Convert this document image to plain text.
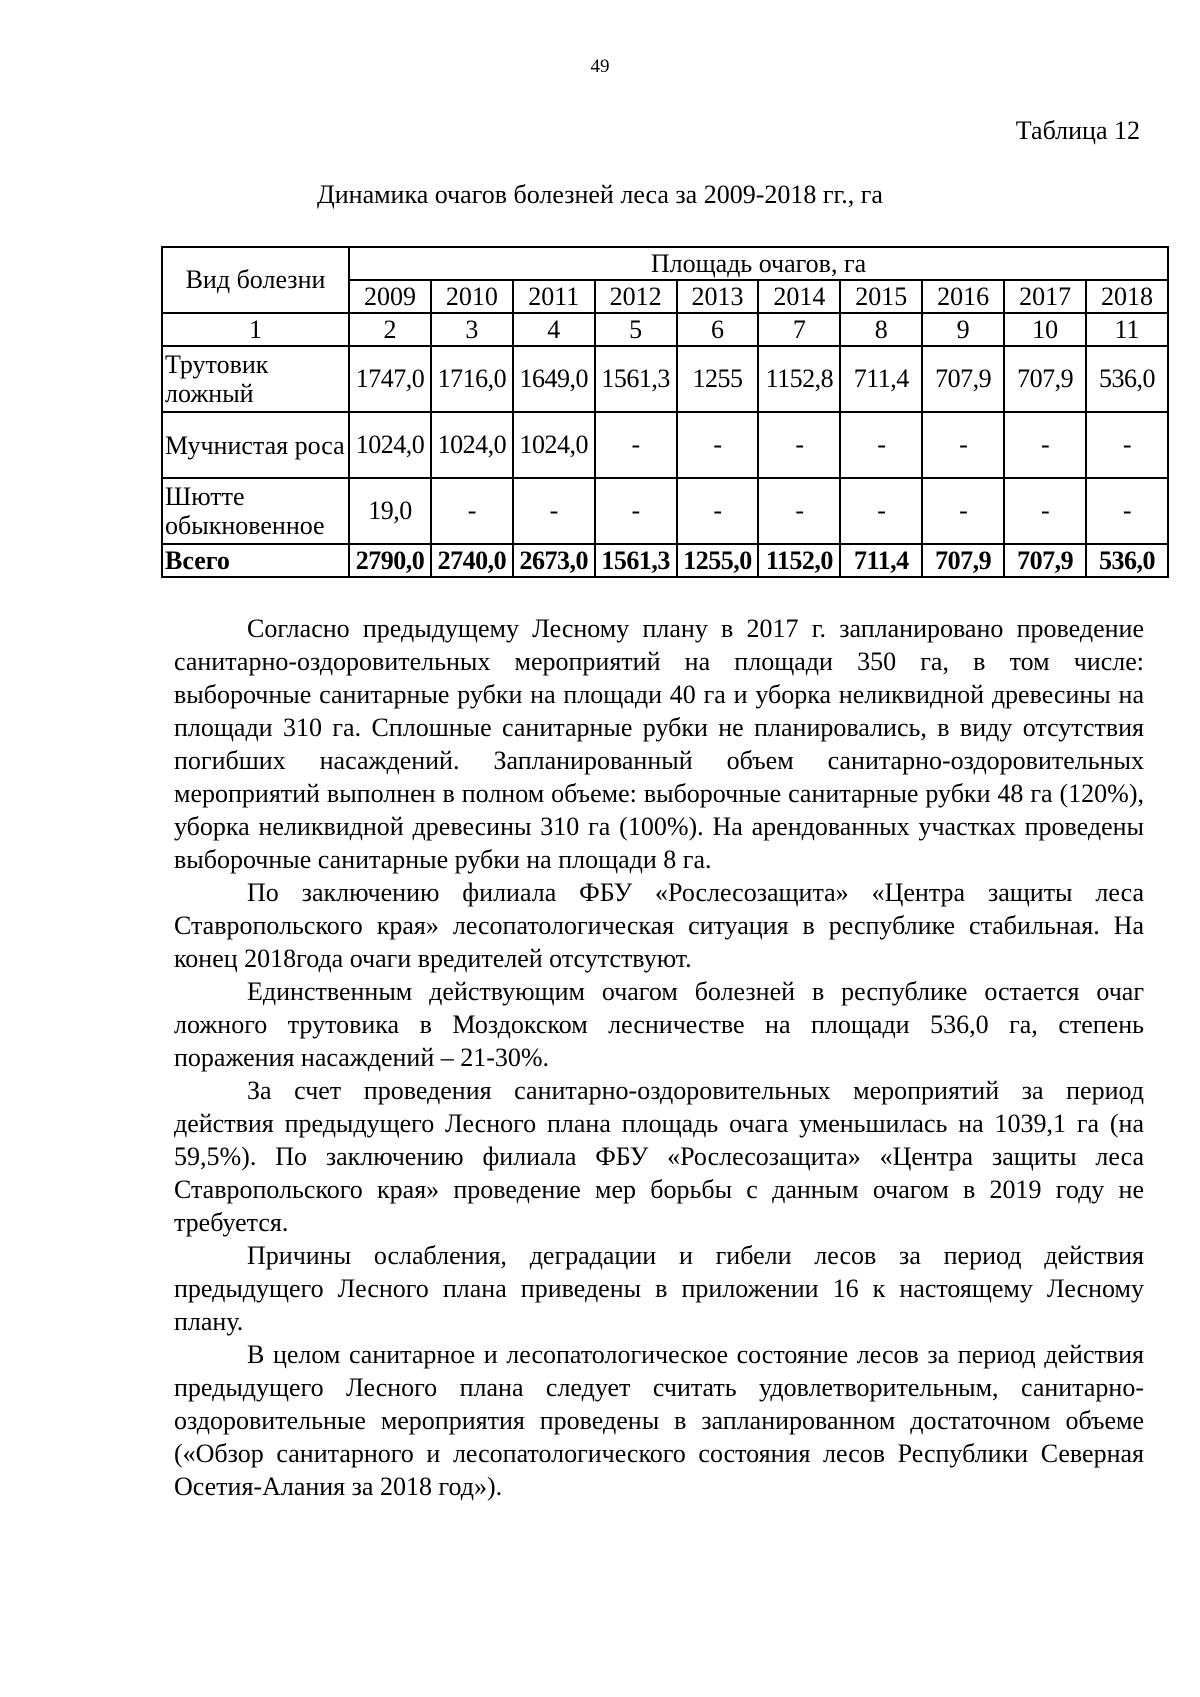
49
Таблица 12
Динамика очагов болезней леса за 2009-2018 гг., га
Вид болезни	Площадь очагов, га									
	2009	2010	2011	2012	2013	2014	2015	2016	2017	2018
1	2	3	4	5	6	7	8	9	10	11
Трутовик ложный	1747,0	1716,0	1649,0	1561,3	1255	1152,8	711,4	707,9	707,9	536,0
Мучнистая роса	1024,0	1024,0	1024,0	-	-	-	-	-	-	-
Шютте обыкновенное	19,0	-	-	-	-	-	-	-	-	-
Всего	2790,0	2740,0	2673,0	1561,3	1255,0	1152,0	711,4	707,9	707,9	536,0

Согласно предыдущему Лесному плану в 2017 г. запланировано проведение санитарно-оздоровительных мероприятий на площади 350 га, в том числе: выборочные санитарные рубки на площади 40 га и уборка неликвидной древесины на площади 310 га. Сплошные санитарные рубки не планировались, в виду отсутствия погибших насаждений. Запланированный объем санитарно-оздоровительных мероприятий выполнен в полном объеме: выборочные санитарные рубки 48 га (120%), уборка неликвидной древесины 310 га (100%). На арендованных участках проведены выборочные санитарные рубки на площади 8 га.

По заключению филиала ФБУ «Рослесозащита» «Центра защиты леса Ставропольского края» лесопатологическая ситуация в республике стабильная. На конец 2018года очаги вредителей отсутствуют.

Единственным действующим очагом болезней в республике остается очаг ложного трутовика в Моздокском лесничестве на площади 536,0 га, степень поражения насаждений – 21-30%.

За счет проведения санитарно-оздоровительных мероприятий за период действия предыдущего Лесного плана площадь очага уменьшилась на 1039,1 га (на 59,5%). По заключению филиала ФБУ «Рослесозащита» «Центра защиты леса Ставропольского края» проведение мер борьбы с данным очагом в 2019 году не требуется.

Причины ослабления, деградации и гибели лесов за период действия предыдущего Лесного плана приведены в приложении 16 к настоящему Лесному плану.

В целом санитарное и лесопатологическое состояние лесов за период действия предыдущего Лесного плана следует считать удовлетворительным, санитарно-оздоровительные мероприятия проведены в запланированном достаточном объеме («Обзор санитарного и лесопатологического состояния лесов Республики Северная Осетия-Алания за 2018 год»).
